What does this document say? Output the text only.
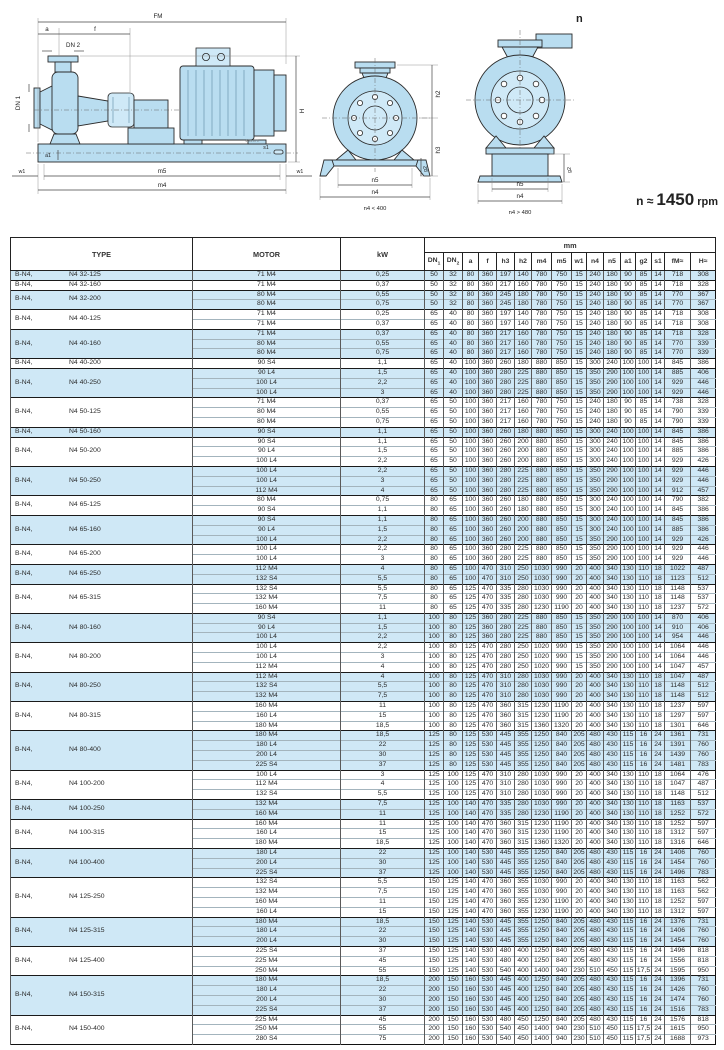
FM
a	f
DN 2
DN 1
H
a1
s1
4.93.070
w1	m5	w1
m4
h2
h3
g2
n5
n4
n4 < 400
g2
n5
n4
n4 > 480
n
n ≈ 1450 rpm
TYPE	MOTOR	kW	mm															
			$DN_1$	$DN_2$	a	f	h3	h2	m4	m5	w1	n4	n5	a1	g2	s1	fM≈	H≈
B-N4, N4 32-125	71 M4	0,25	50	32	80	360	197	140	780	750	15	240	180	90	85	14	718	308
B-N4, N4 32-160	71 M4	0,37	50	32	80	360	217	160	780	750	15	240	180	90	85	14	718	328
B-N4, N4 32-200	80 M4	0,55	50	32	80	360	245	180	780	750	15	240	180	90	85	14	770	367
	80 M4	0,75	50	32	80	360	245	180	780	750	15	240	180	90	85	14	770	367
B-N4, N4 40-125	71 M4	0,25	65	40	80	360	197	140	780	750	15	240	180	90	85	14	718	308
	71 M4	0,37	65	40	80	360	197	140	780	750	15	240	180	90	85	14	718	308
B-N4, N4 40-160	71 M4	0,37	65	40	80	360	217	160	780	750	15	240	180	90	85	14	718	328
	80 M4	0,55	65	40	80	360	217	160	780	750	15	240	180	90	85	14	770	339
	80 M4	0,75	65	40	80	360	217	160	780	750	15	240	180	90	85	14	770	339
B-N4, N4 40-200	90 S4	1,1	65	40	100	360	260	180	880	850	15	300	240	100	100	14	845	386
B-N4, N4 40-250	90 L4	1,5	65	40	100	360	280	225	880	850	15	350	290	100	100	14	885	406
	100 L4	2,2	65	40	100	360	280	225	880	850	15	350	290	100	100	14	929	446
	100 L4	3	65	40	100	360	280	225	880	850	15	350	290	100	100	14	929	446
B-N4, N4 50-125	71 M4	0,37	65	50	100	360	217	160	780	750	15	240	180	90	85	14	738	328
	80 M4	0,55	65	50	100	360	217	160	780	750	15	240	180	90	85	14	790	339
	80 M4	0,75	65	50	100	360	217	160	780	750	15	240	180	90	85	14	790	339
B-N4, N4 50-160	90 S4	1,1	65	50	100	360	260	180	880	850	15	300	240	100	100	14	845	386
B-N4, N4 50-200	90 S4	1,1	65	50	100	360	260	200	880	850	15	300	240	100	100	14	845	386
	90 L4	1,5	65	50	100	360	260	200	880	850	15	300	240	100	100	14	885	386
	100 L4	2,2	65	50	100	360	260	200	880	850	15	300	240	100	100	14	929	426
B-N4, N4 50-250	100 L4	2,2	65	50	100	360	280	225	880	850	15	350	290	100	100	14	929	446
	100 L4	3	65	50	100	360	280	225	880	850	15	350	290	100	100	14	929	446
	112 M4	4	65	50	100	360	280	225	880	850	15	350	290	100	100	14	912	457
B-N4, N4 65-125	80 M4	0,75	80	65	100	360	260	180	880	850	15	300	240	100	100	14	790	382
	90 S4	1,1	80	65	100	360	260	180	880	850	15	300	240	100	100	14	845	386
B-N4, N4 65-160	90 S4	1,1	80	65	100	360	260	200	880	850	15	300	240	100	100	14	845	386
	90 L4	1,5	80	65	100	360	260	200	880	850	15	300	240	100	100	14	885	386
	100 L4	2,2	80	65	100	360	260	200	880	850	15	350	290	100	100	14	929	426
B-N4, N4 65-200	100 L4	2,2	80	65	100	360	280	225	880	850	15	350	290	100	100	14	929	446
	100 L4	3	80	65	100	360	280	225	880	850	15	350	290	100	100	14	929	446
B-N4, N4 65-250	112 M4	4	80	65	100	470	310	250	1030	990	20	400	340	130	110	18	1022	487
	132 S4	5,5	80	65	100	470	310	250	1030	990	20	400	340	130	110	18	1123	512
B-N4, N4 65-315	132 S4	5,5	80	65	125	470	335	280	1030	990	20	400	340	130	110	18	1148	537
	132 M4	7,5	80	65	125	470	335	280	1030	990	20	400	340	130	110	18	1148	537
	160 M4	11	80	65	125	470	335	280	1230	1190	20	400	340	130	110	18	1237	572
B-N4, N4 80-160	90 S4	1,1	100	80	125	360	280	225	880	850	15	350	290	100	100	14	870	406
	90 L4	1,5	100	80	125	360	280	225	880	850	15	350	290	100	100	14	910	406
	100 L4	2,2	100	80	125	360	280	225	880	850	15	350	290	100	100	14	954	446
B-N4, N4 80-200	100 L4	2,2	100	80	125	470	280	250	1020	990	15	350	290	100	100	14	1064	446
	100 L4	3	100	80	125	470	280	250	1020	990	15	350	290	100	100	14	1064	446
	112 M4	4	100	80	125	470	280	250	1020	990	15	350	290	100	100	14	1047	457
B-N4, N4 80-250	112 M4	4	100	80	125	470	310	280	1030	990	20	400	340	130	110	18	1047	487
	132 S4	5,5	100	80	125	470	310	280	1030	990	20	400	340	130	110	18	1148	512
	132 M4	7,5	100	80	125	470	310	280	1030	990	20	400	340	130	110	18	1148	512
B-N4, N4 80-315	160 M4	11	100	80	125	470	360	315	1230	1190	20	400	340	130	110	18	1237	597
	160 L4	15	100	80	125	470	360	315	1230	1190	20	400	340	130	110	18	1297	597
	180 M4	18,5	100	80	125	470	360	315	1360	1320	20	400	340	130	110	18	1301	646
B-N4, N4 80-400	180 M4	18,5	125	80	125	530	445	355	1250	840	205	480	430	115	16	24	1361	731
	180 L4	22	125	80	125	530	445	355	1250	840	205	480	430	115	16	24	1391	760
	200 L4	30	125	80	125	530	445	355	1250	840	205	480	430	115	16	24	1439	760
	225 S4	37	125	80	125	530	445	355	1250	840	205	480	430	115	16	24	1481	783
B-N4, N4 100-200	100 L4	3	125	100	125	470	310	280	1030	990	20	400	340	130	110	18	1064	476
	112 M4	4	125	100	125	470	310	280	1030	990	20	400	340	130	110	18	1047	487
	132 S4	5,5	125	100	125	470	310	280	1030	990	20	400	340	130	110	18	1148	512
B-N4, N4 100-250	132 M4	7,5	125	100	140	470	335	280	1030	990	20	400	340	130	110	18	1163	537
	160 M4	11	125	100	140	470	335	280	1230	1190	20	400	340	130	110	18	1252	572
B-N4, N4 100-315	160 M4	11	125	100	140	470	360	315	1230	1190	20	400	340	130	110	18	1252	597
	160 L4	15	125	100	140	470	360	315	1230	1190	20	400	340	130	110	18	1312	597
	180 M4	18,5	125	100	140	470	360	315	1360	1320	20	400	340	130	110	18	1316	646
B-N4, N4 100-400	180 L4	22	125	100	140	530	445	355	1250	840	205	480	430	115	16	24	1406	760
	200 L4	30	125	100	140	530	445	355	1250	840	205	480	430	115	16	24	1454	760
	225 S4	37	125	100	140	530	445	355	1250	840	205	480	430	115	16	24	1496	783
B-N4, N4 125-250	132 S4	5,5	150	125	140	470	360	355	1030	990	20	400	340	130	110	18	1163	562
	132 M4	7,5	150	125	140	470	360	355	1030	990	20	400	340	130	110	18	1163	562
	160 M4	11	150	125	140	470	360	355	1230	1190	20	400	340	130	110	18	1252	597
	160 L4	15	150	125	140	470	360	355	1230	1190	20	400	340	130	110	18	1312	597
B-N4, N4 125-315	180 M4	18,5	150	125	140	530	445	355	1250	840	205	480	430	115	16	24	1376	731
	180 L4	22	150	125	140	530	445	355	1250	840	205	480	430	115	16	24	1406	760
	200 L4	30	150	125	140	530	445	355	1250	840	205	480	430	115	16	24	1454	760
B-N4, N4 125-400	225 S4	37	150	125	140	530	480	400	1250	840	205	480	430	115	16	24	1496	818
	225 M4	45	150	125	140	530	480	400	1250	840	205	480	430	115	16	24	1556	818
	250 M4	55	150	125	140	530	540	400	1400	940	230	510	450	115	17,5	24	1595	950
B-N4, N4 150-315	180 M4	18,5	200	150	160	530	445	400	1250	840	205	480	430	115	16	24	1396	731
	180 L4	22	200	150	160	530	445	400	1250	840	205	480	430	115	16	24	1426	760
	200 L4	30	200	150	160	530	445	400	1250	840	205	480	430	115	16	24	1474	760
	225 S4	37	200	150	160	530	445	400	1250	840	205	480	430	115	16	24	1516	783
B-N4, N4 150-400	225 M4	45	200	150	160	530	480	450	1250	840	205	480	430	115	16	24	1576	818
	250 M4	55	200	150	160	530	540	450	1400	940	230	510	450	115	17,5	24	1615	950
	280 S4	75	200	150	160	530	540	450	1400	940	230	510	450	115	17,5	24	1688	973
